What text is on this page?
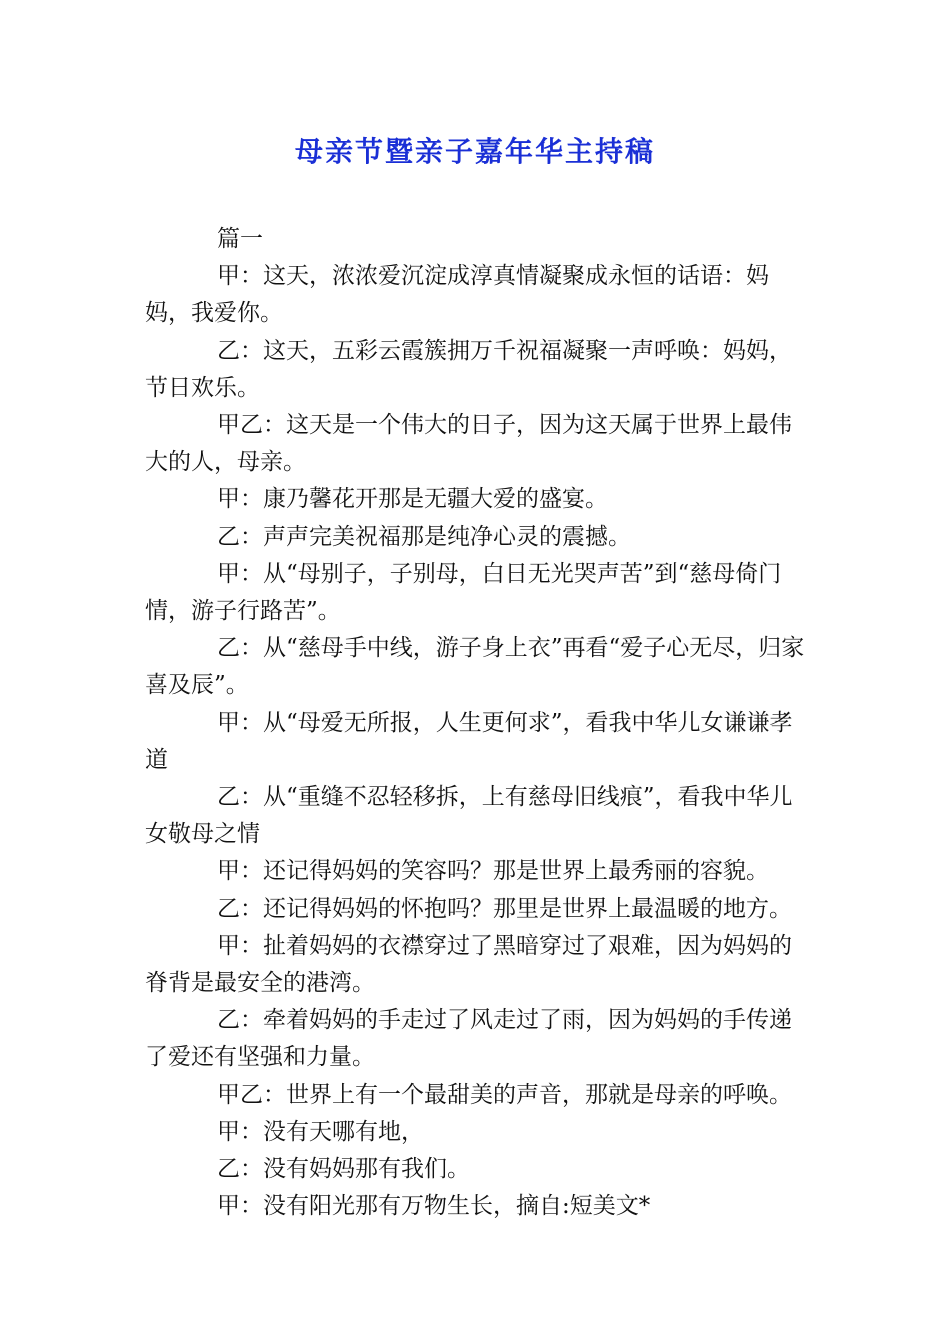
母亲节暨亲子嘉年华主持稿

篇一

甲：这天，浓浓爱沉淀成淳真情凝聚成永恒的话语：妈妈，我爱你。

乙：这天，五彩云霞簇拥万千祝福凝聚一声呼唤：妈妈，节日欢乐。

甲乙：这天是一个伟大的日子，因为这天属于世界上最伟大的人，母亲。

甲：康乃馨花开那是无疆大爱的盛宴。

乙：声声完美祝福那是纯净心灵的震撼。

甲：从“母别子，子别母，白日无光哭声苦”到“慈母倚门情，游子行路苦”。

乙：从“慈母手中线，游子身上衣”再看“爱子心无尽，归家喜及辰”。

甲：从“母爱无所报，人生更何求”，看我中华儿女谦谦孝道

乙：从“重缝不忍轻移拆，上有慈母旧线痕”，看我中华儿女敬母之情

甲：还记得妈妈的笑容吗？那是世界上最秀丽的容貌。

乙：还记得妈妈的怀抱吗？那里是世界上最温暖的地方。

甲：扯着妈妈的衣襟穿过了黑暗穿过了艰难，因为妈妈的脊背是最安全的港湾。

乙：牵着妈妈的手走过了风走过了雨，因为妈妈的手传递了爱还有坚强和力量。

甲乙：世界上有一个最甜美的声音，那就是母亲的呼唤。

甲：没有天哪有地，

乙：没有妈妈那有我们。

甲：没有阳光那有万物生长，摘自:短美文*
